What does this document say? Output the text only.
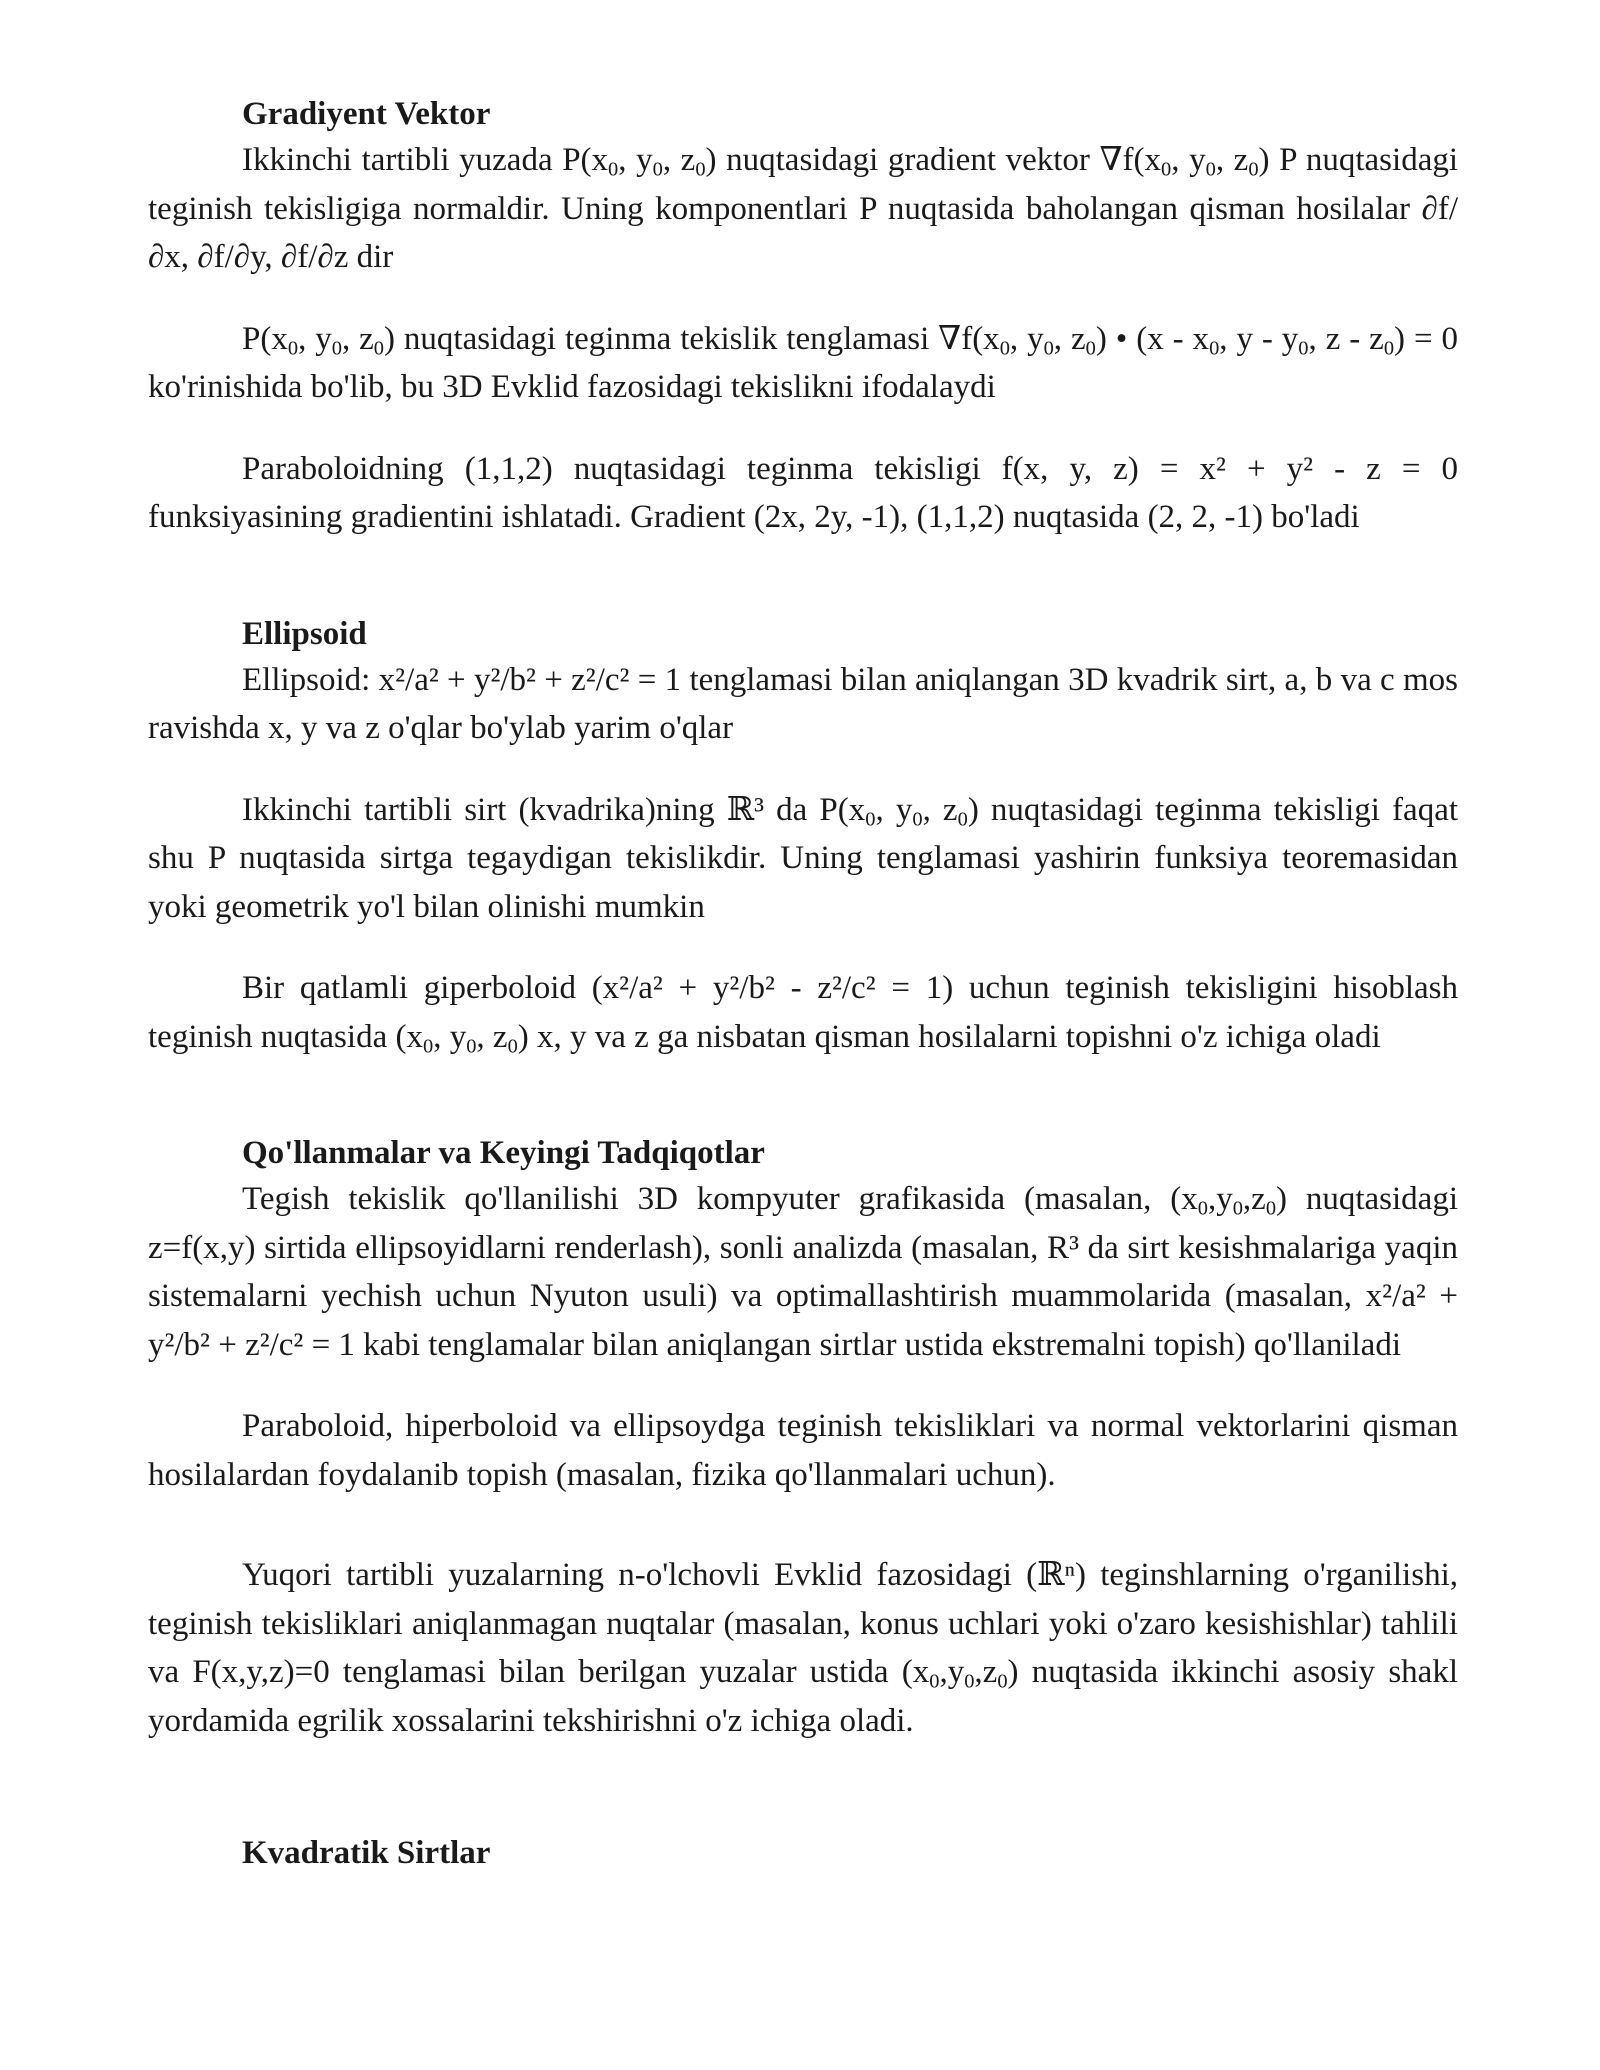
Gradiyent Vektor

Ikkinchi tartibli yuzada $P(x_0$, $y_0$, $z_0$) nuqtasidagi gradient vektor $\nabla f(x_0$, $y_0$, $z_0$) P nuqtasidagi teginish tekisligiga normaldir. Uning komponentlari P nuqtasida baholangan qisman hosilalar ∂f/∂x, ∂f/∂y, ∂f/∂z dir

$P(x_0$, $y_0$, $z_0$) nuqtasidagi teginma tekislik tenglamasi $\nabla f(x_0$, $y_0$, $z_0$) • ($x - x_0$, y - $y_0$, $z - z_0) = 0$ ko'rinishida bo'lib, bu 3D Evklid fazosidagi tekislikni ifodalaydi

Paraboloidning (1,1,2) nuqtasidagi teginma tekisligi f(x, y, z) = x² + y² - z = 0 funksiyasining gradientini ishlatadi. Gradient (2x, 2y, -1), (1,1,2) nuqtasida (2, 2, -1) bo'ladi

Ellipsoid

Ellipsoid: x²/a² + y²/b² + z²/c² = 1 tenglamasi bilan aniqlangan 3D kvadrik sirt, a, b va c mos ravishda x, y va z o'qlar bo'ylab yarim o'qlar

Ikkinchi tartibli sirt (kvadrika)ning ℝ³ da $P(x_0$, $y_0$, $z_0$) nuqtasidagi teginma tekisligi faqat shu P nuqtasida sirtga tegaydigan tekislikdir. Uning tenglamasi yashirin funksiya teoremasidan yoki geometrik yo'l bilan olinishi mumkin

Bir qatlamli giperboloid (x²/a² + y²/b² - z²/c² = 1) uchun teginish tekisligini hisoblash teginish nuqtasida ($x_0$, $y_0$, $z_0$) x, y va z ga nisbatan qisman hosilalarni topishni o'z ichiga oladi

Qo'llanmalar va Keyingi Tadqiqotlar

Tegish tekislik qo'llanilishi 3D kompyuter grafikasida (masalan, $(x_0,y_0,z_0)$ nuqtasidagi z=f(x,y) sirtida ellipsoyidlarni renderlash), sonli analizda (masalan, R³ da sirt kesishmalariga yaqin sistemalarni yechish uchun Nyuton usuli) va optimallashtirish muammolarida (masalan, x²/a² + y²/b² + z²/c² = 1 kabi tenglamalar bilan aniqlangan sirtlar ustida ekstremalni topish) qo'llaniladi

Paraboloid, hiperboloid va ellipsoydga teginish tekisliklari va normal vektorlarini qisman hosilalardan foydalanib topish (masalan, fizika qo'llanmalari uchun).

Yuqori tartibli yuzalarning n-o'lchovli Evklid fazosidagi (ℝⁿ) teginshlarning o'rganilishi, teginish tekisliklari aniqlanmagan nuqtalar (masalan, konus uchlari yoki o'zaro kesishishlar) tahlili va F(x,y,z)=0 tenglamasi bilan berilgan yuzalar ustida $(x_0,y_0,z_0)$ nuqtasida ikkinchi asosiy shakl yordamida egrilik xossalarini tekshirishni o'z ichiga oladi.

Kvadratik Sirtlar
